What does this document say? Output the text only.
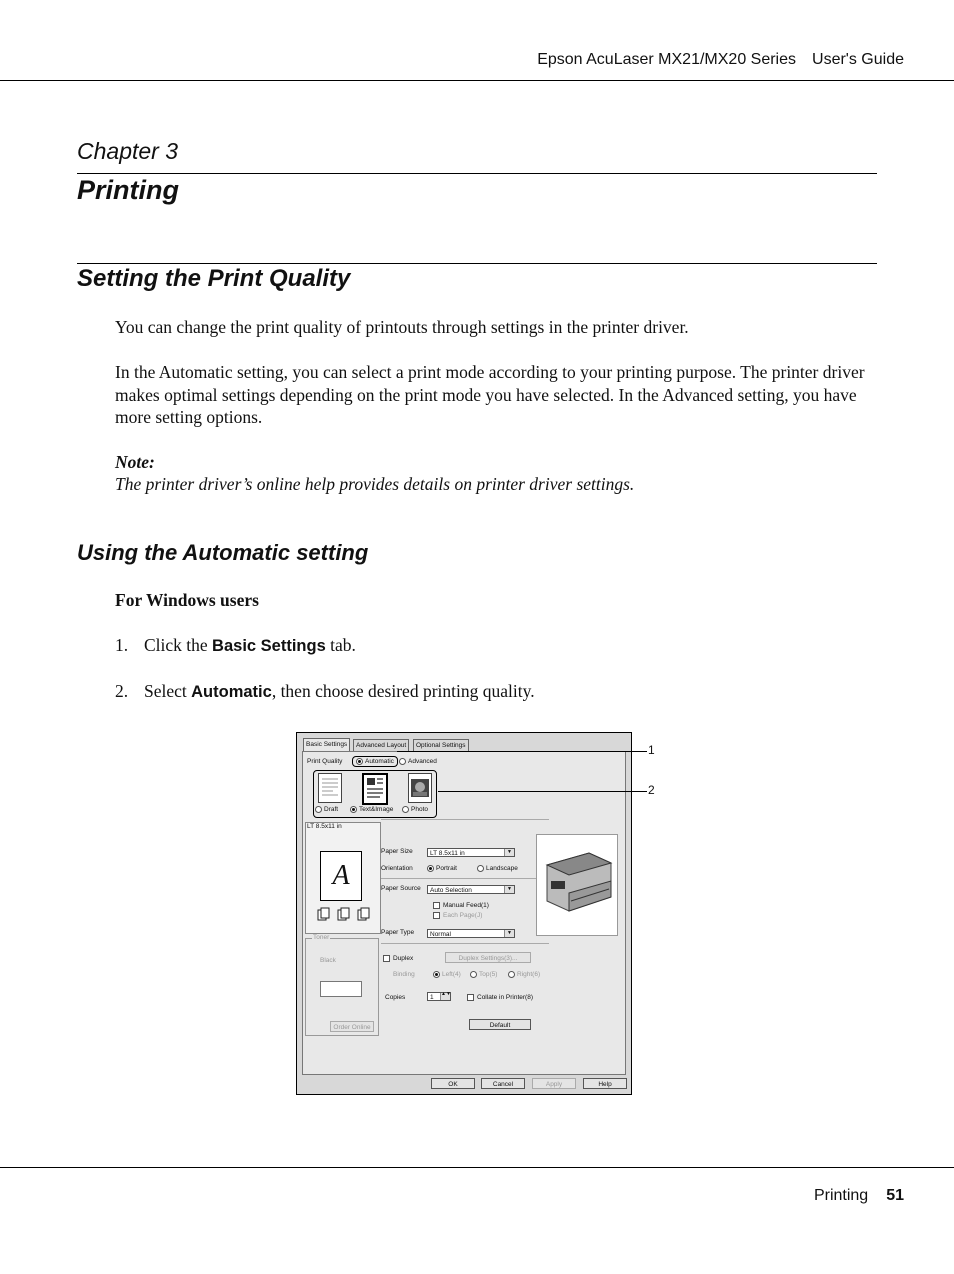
Epson AcuLaser MX21/MX20 Series User's Guide
Chapter 3
Printing
Setting the Print Quality
You can change the print quality of printouts through settings in the printer driver.
In the Automatic setting, you can select a print mode according to your printing purpose. The printer driver makes optimal settings depending on the print mode you have selected. In the Advanced setting, you have more setting options.
Note:
The printer driver’s online help provides details on printer driver settings.
Using the Automatic setting
For Windows users
1. Click the Basic Settings tab.
2. Select Automatic, then choose desired printing quality.
Basic Settings	Advanced Layout	Optional Settings
Print Quality	Automatic	Advanced
Draft	Text&Image	Photo
LT 8.5x11 in
A
Toner
Black
Order Online
Paper Size	LT 8.5x11 in	▼
Orientation	Portrait	Landscape
Paper Source	Auto Selection	▼
Manual Feed(1)
Each Page(J)
Paper Type	Normal	▼
Duplex	Duplex Settings(3)...
Binding	Left(4)	Top(5)	Right(6)
Copies	1 ▲▼
Collate in Printer(8)
Default
OK	Cancel	Apply	Help
1
2
Printing 51
